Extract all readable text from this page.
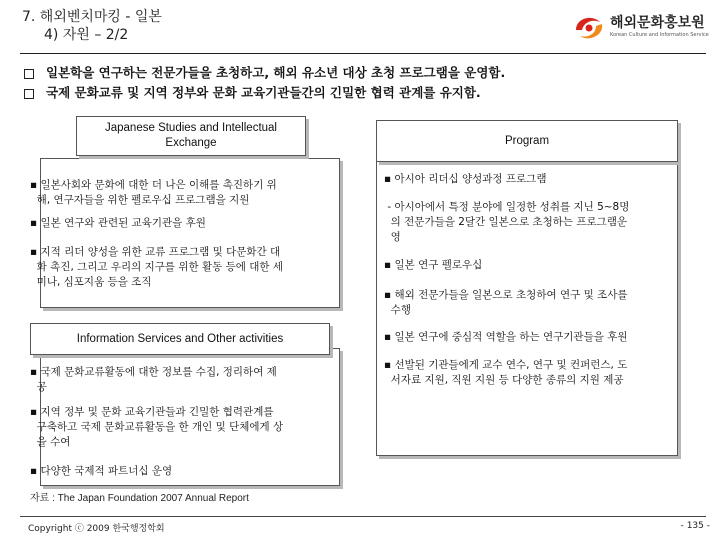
7. 해외벤치마킹 - 일본
4) 자원 – 2/2
해외문화홍보원
Korean Culture and Information Service
일본학을 연구하는 전문가들을 초청하고, 해외 유소년 대상 초청 프로그램을 운영함.
국제 문화교류 및 지역 정부와 문화 교육기관들간의 긴밀한 협력 관계를 유지함.
Japanese Studies and Intellectual
Exchange
▪ 일본사회와 문화에 대한 더 나은 이해를 촉진하기 위
해, 연구자들을 위한 펠로우십 프로그램을 지원
▪ 일본 연구와 관련된 교육기관을 후원
▪ 지적 리더 양성을 위한 교류 프로그램 및 다문화간 대
화 촉진, 그리고 우리의 지구를 위한 활동 등에 대한 세
미나, 심포지움 등을 조직
Information Services and Other activities
▪ 국제 문화교류활동에 대한 정보를 수집, 정리하여 제
공
▪ 지역 정부 및 문화 교육기관들과 긴밀한 협력관계를
구축하고 국제 문화교류활동을 한 개인 및 단체에게 상
을 수여
▪ 다양한 국제적 파트너십 운영
Program
▪ 아시아 리더십 양성과정 프로그램
- 아시아에서 특정 분야에 일정한 성취를 지닌 5~8명
의 전문가들을 2달간 일본으로 초청하는 프로그램운
영
▪ 일본 연구 펠로우십
▪ 해외 전문가들을 일본으로 초청하여 연구 및 조사를
수행
▪ 일본 연구에 중심적 역할을 하는 연구기관들을 후원
▪ 선발된 기관들에게 교수 연수, 연구 및 컨퍼런스, 도
서자료 지원, 직원 지원 등 다양한 종류의 지원 제공
자료 : The Japan Foundation 2007 Annual Report
Copyright ⓒ 2009 한국행정학회	- 135 -
